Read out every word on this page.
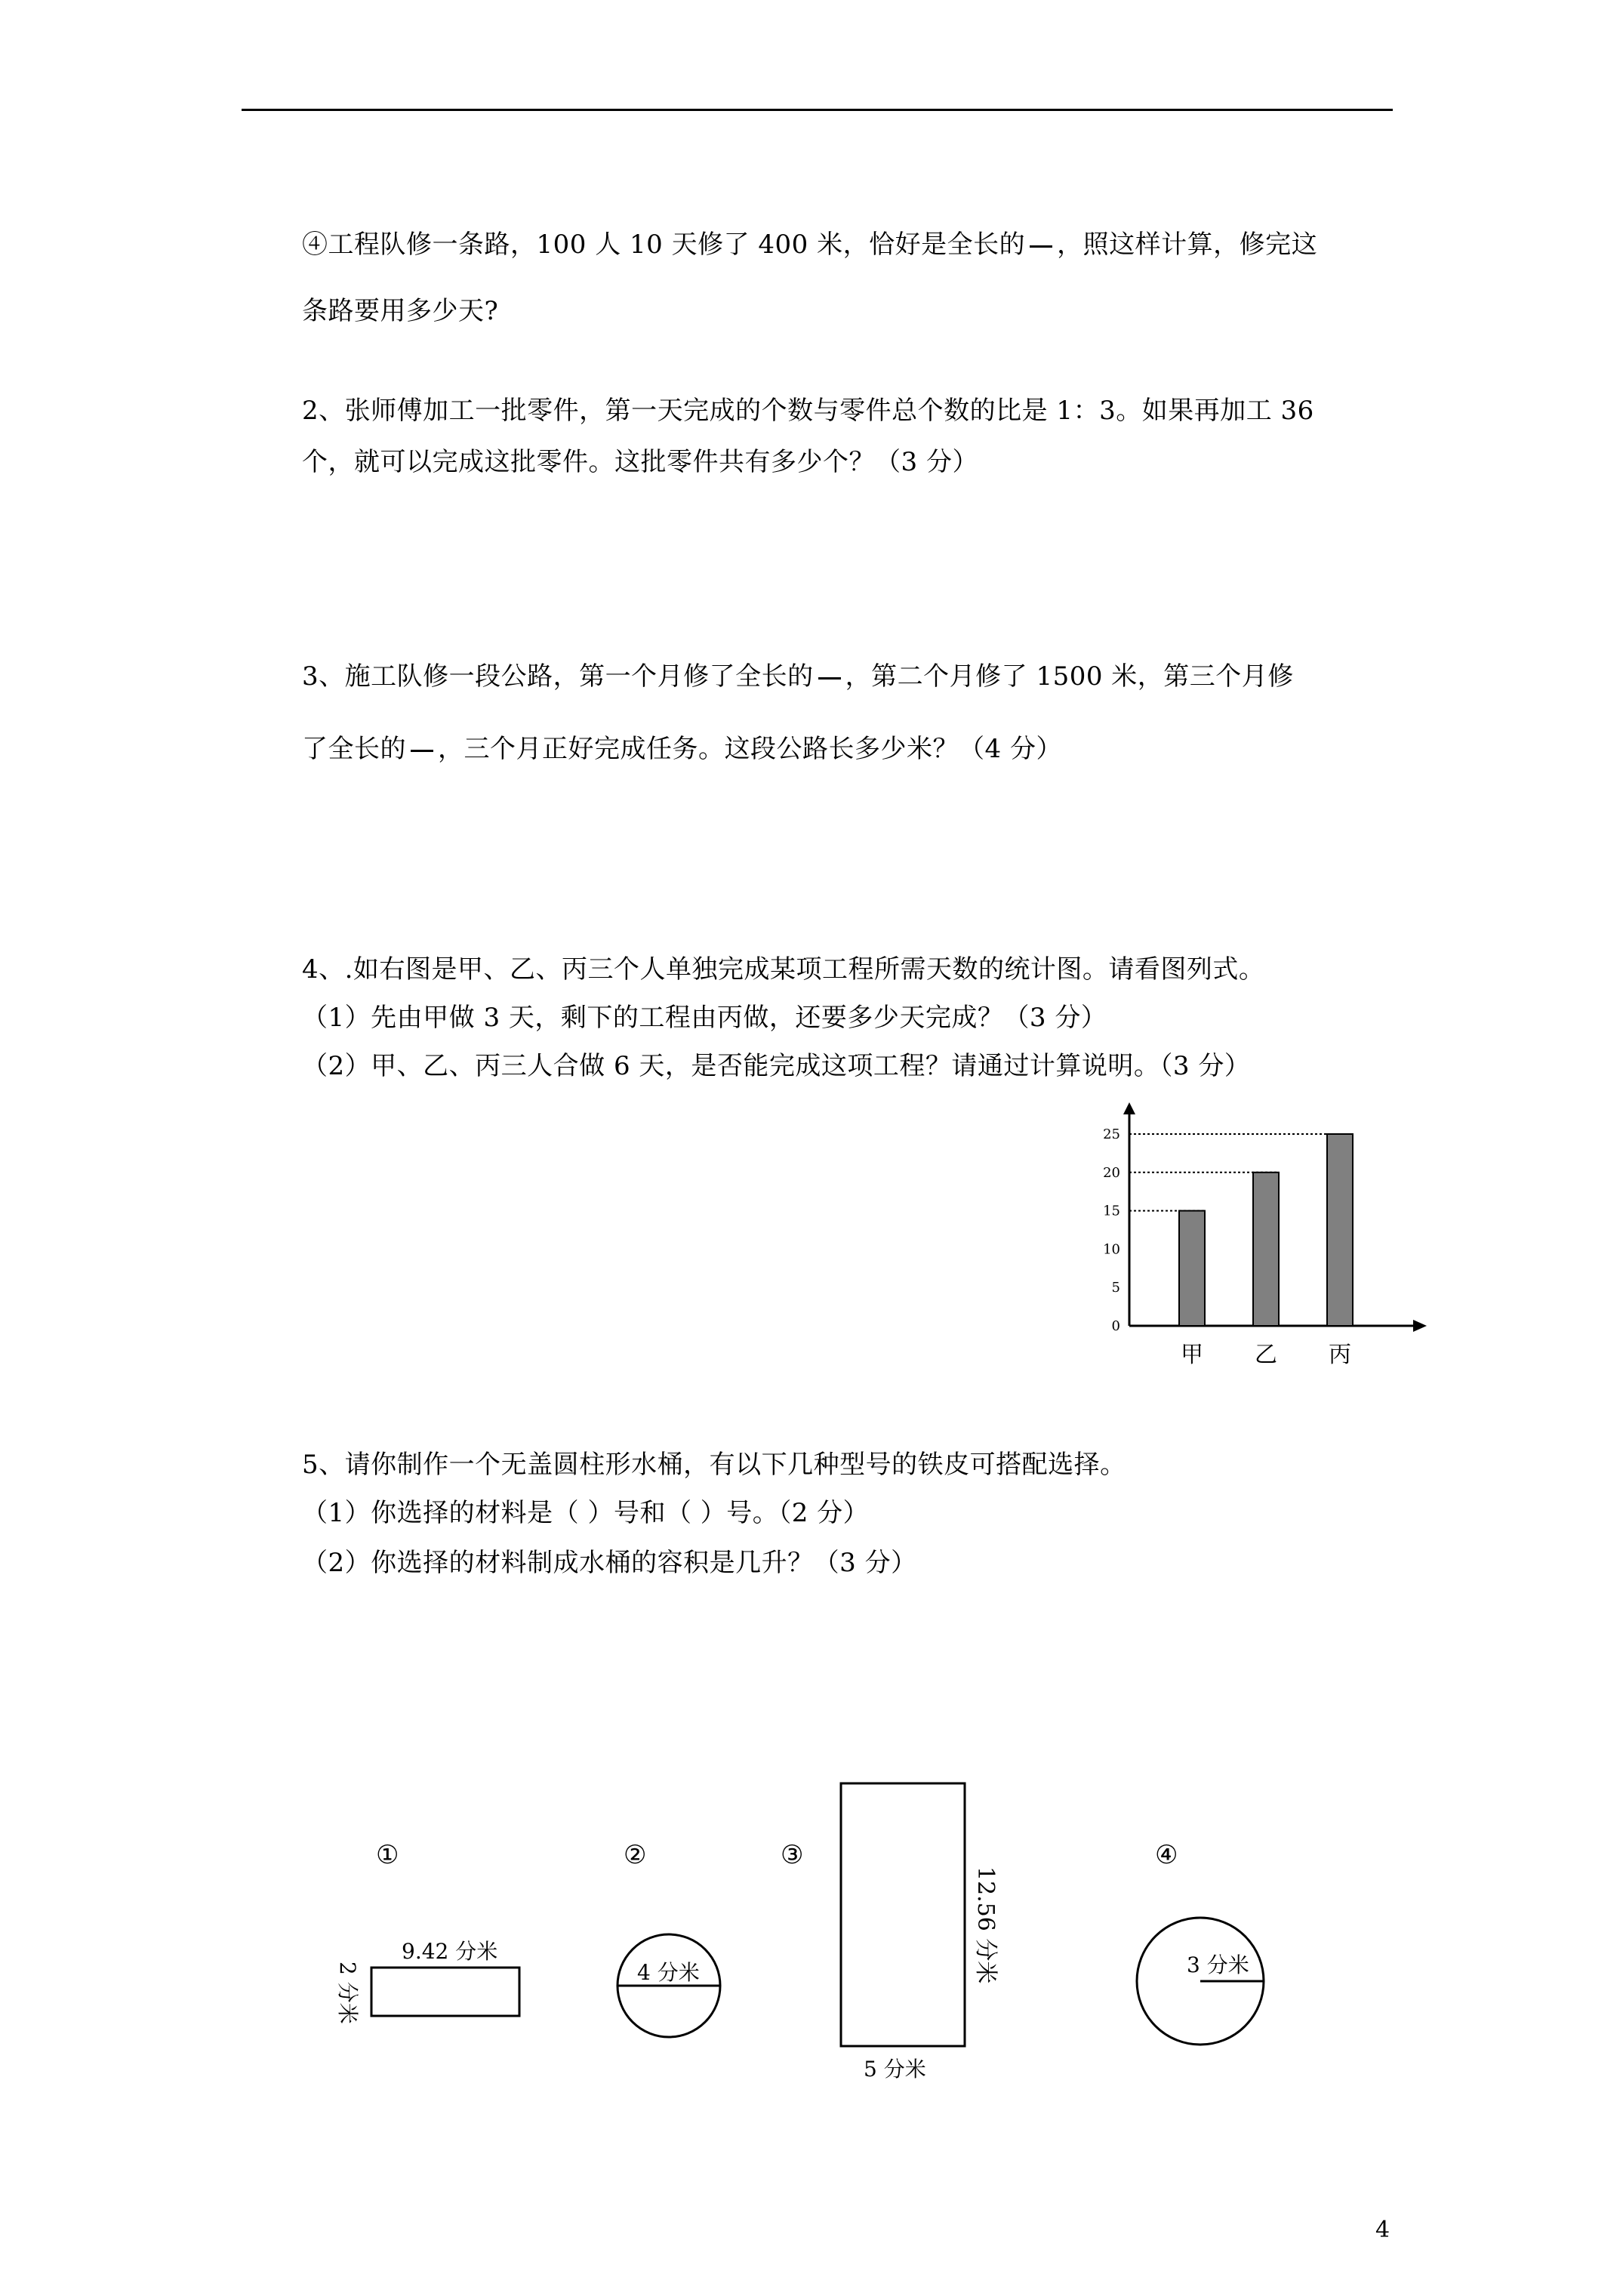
④工程队修一条路，100 人 10 天修了 400 米，恰好是全长的 ，照这样计算，修完这
条路要用多少天?
2、张师傅加工一批零件，第一天完成的个数与零件总个数的比是 1：3。如果再加工 36
个，就可以完成这批零件。这批零件共有多少个？（3 分）
3、施工队修一段公路，第一个月修了全长的 ，第二个月修了 1500 米，第三个月修
了全长的 ，三个月正好完成任务。这段公路长多少米？（4 分）
4、.如右图是甲、乙、丙三个人单独完成某项工程所需天数的统计图。请看图列式。
（1）先由甲做 3 天，剩下的工程由丙做，还要多少天完成？（3 分）
（2）甲、乙、丙三人合做 6 天，是否能完成这项工程？请通过计算说明。（3 分）
0
5
10
15
20
25
甲 乙 丙
5、请你制作一个无盖圆柱形水桶，有以下几种型号的铁皮可搭配选择。
（1）你选择的材料是（ ）号和（ ）号。（2 分）
（2）你选择的材料制成水桶的容积是几升？（3 分）
①
9.42 分米
2 分米
②
4 分米
③
12.56 分米
5 分米
④
3 分米
4
